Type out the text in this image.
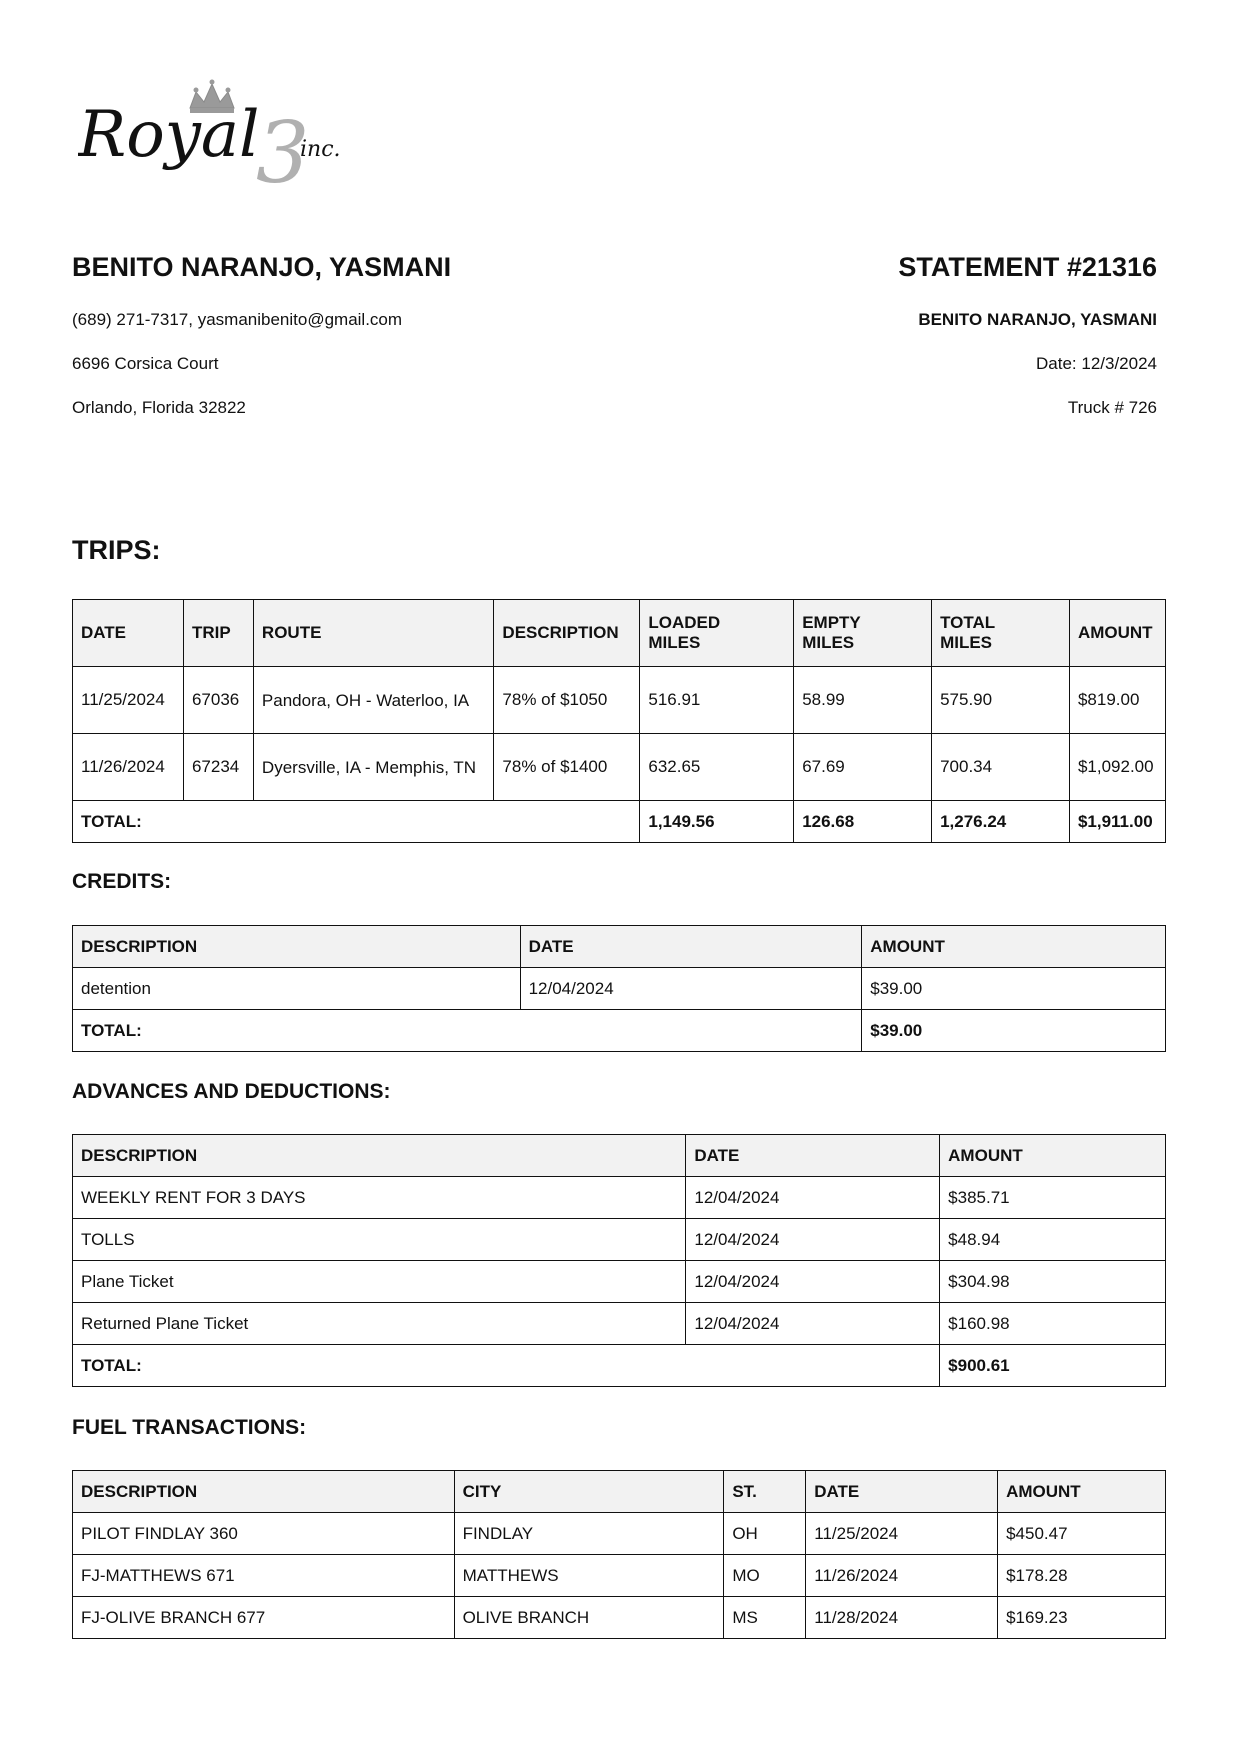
Royal
3
inc.
BENITO NARANJO, YASMANI
(689) 271-7317, yasmanibenito@gmail.com
6696 Corsica Court
Orlando, Florida 32822
STATEMENT #21316
BENITO NARANJO, YASMANI
Date: 12/3/2024
Truck # 726
TRIPS:
DATE	TRIP	ROUTE	DESCRIPTION	LOADED MILES	EMPTY MILES	TOTAL MILES	AMOUNT
11/25/2024	67036	Pandora, OH - Waterloo, IA	78% of $1050	516.91	58.99	575.90	$819.00
11/26/2024	67234	Dyersville, IA - Memphis, TN	78% of $1400	632.65	67.69	700.34	$1,092.00
TOTAL:				1,149.56	126.68	1,276.24	$1,911.00
CREDITS:
DESCRIPTION	DATE	AMOUNT
detention	12/04/2024	$39.00
TOTAL:		$39.00
ADVANCES AND DEDUCTIONS:
DESCRIPTION	DATE	AMOUNT
WEEKLY RENT FOR 3 DAYS	12/04/2024	$385.71
TOLLS	12/04/2024	$48.94
Plane Ticket	12/04/2024	$304.98
Returned Plane Ticket	12/04/2024	$160.98
TOTAL:		$900.61
FUEL TRANSACTIONS:
DESCRIPTION	CITY	ST.	DATE	AMOUNT
PILOT FINDLAY 360	FINDLAY	OH	11/25/2024	$450.47
FJ-MATTHEWS 671	MATTHEWS	MO	11/26/2024	$178.28
FJ-OLIVE BRANCH 677	OLIVE BRANCH	MS	11/28/2024	$169.23
